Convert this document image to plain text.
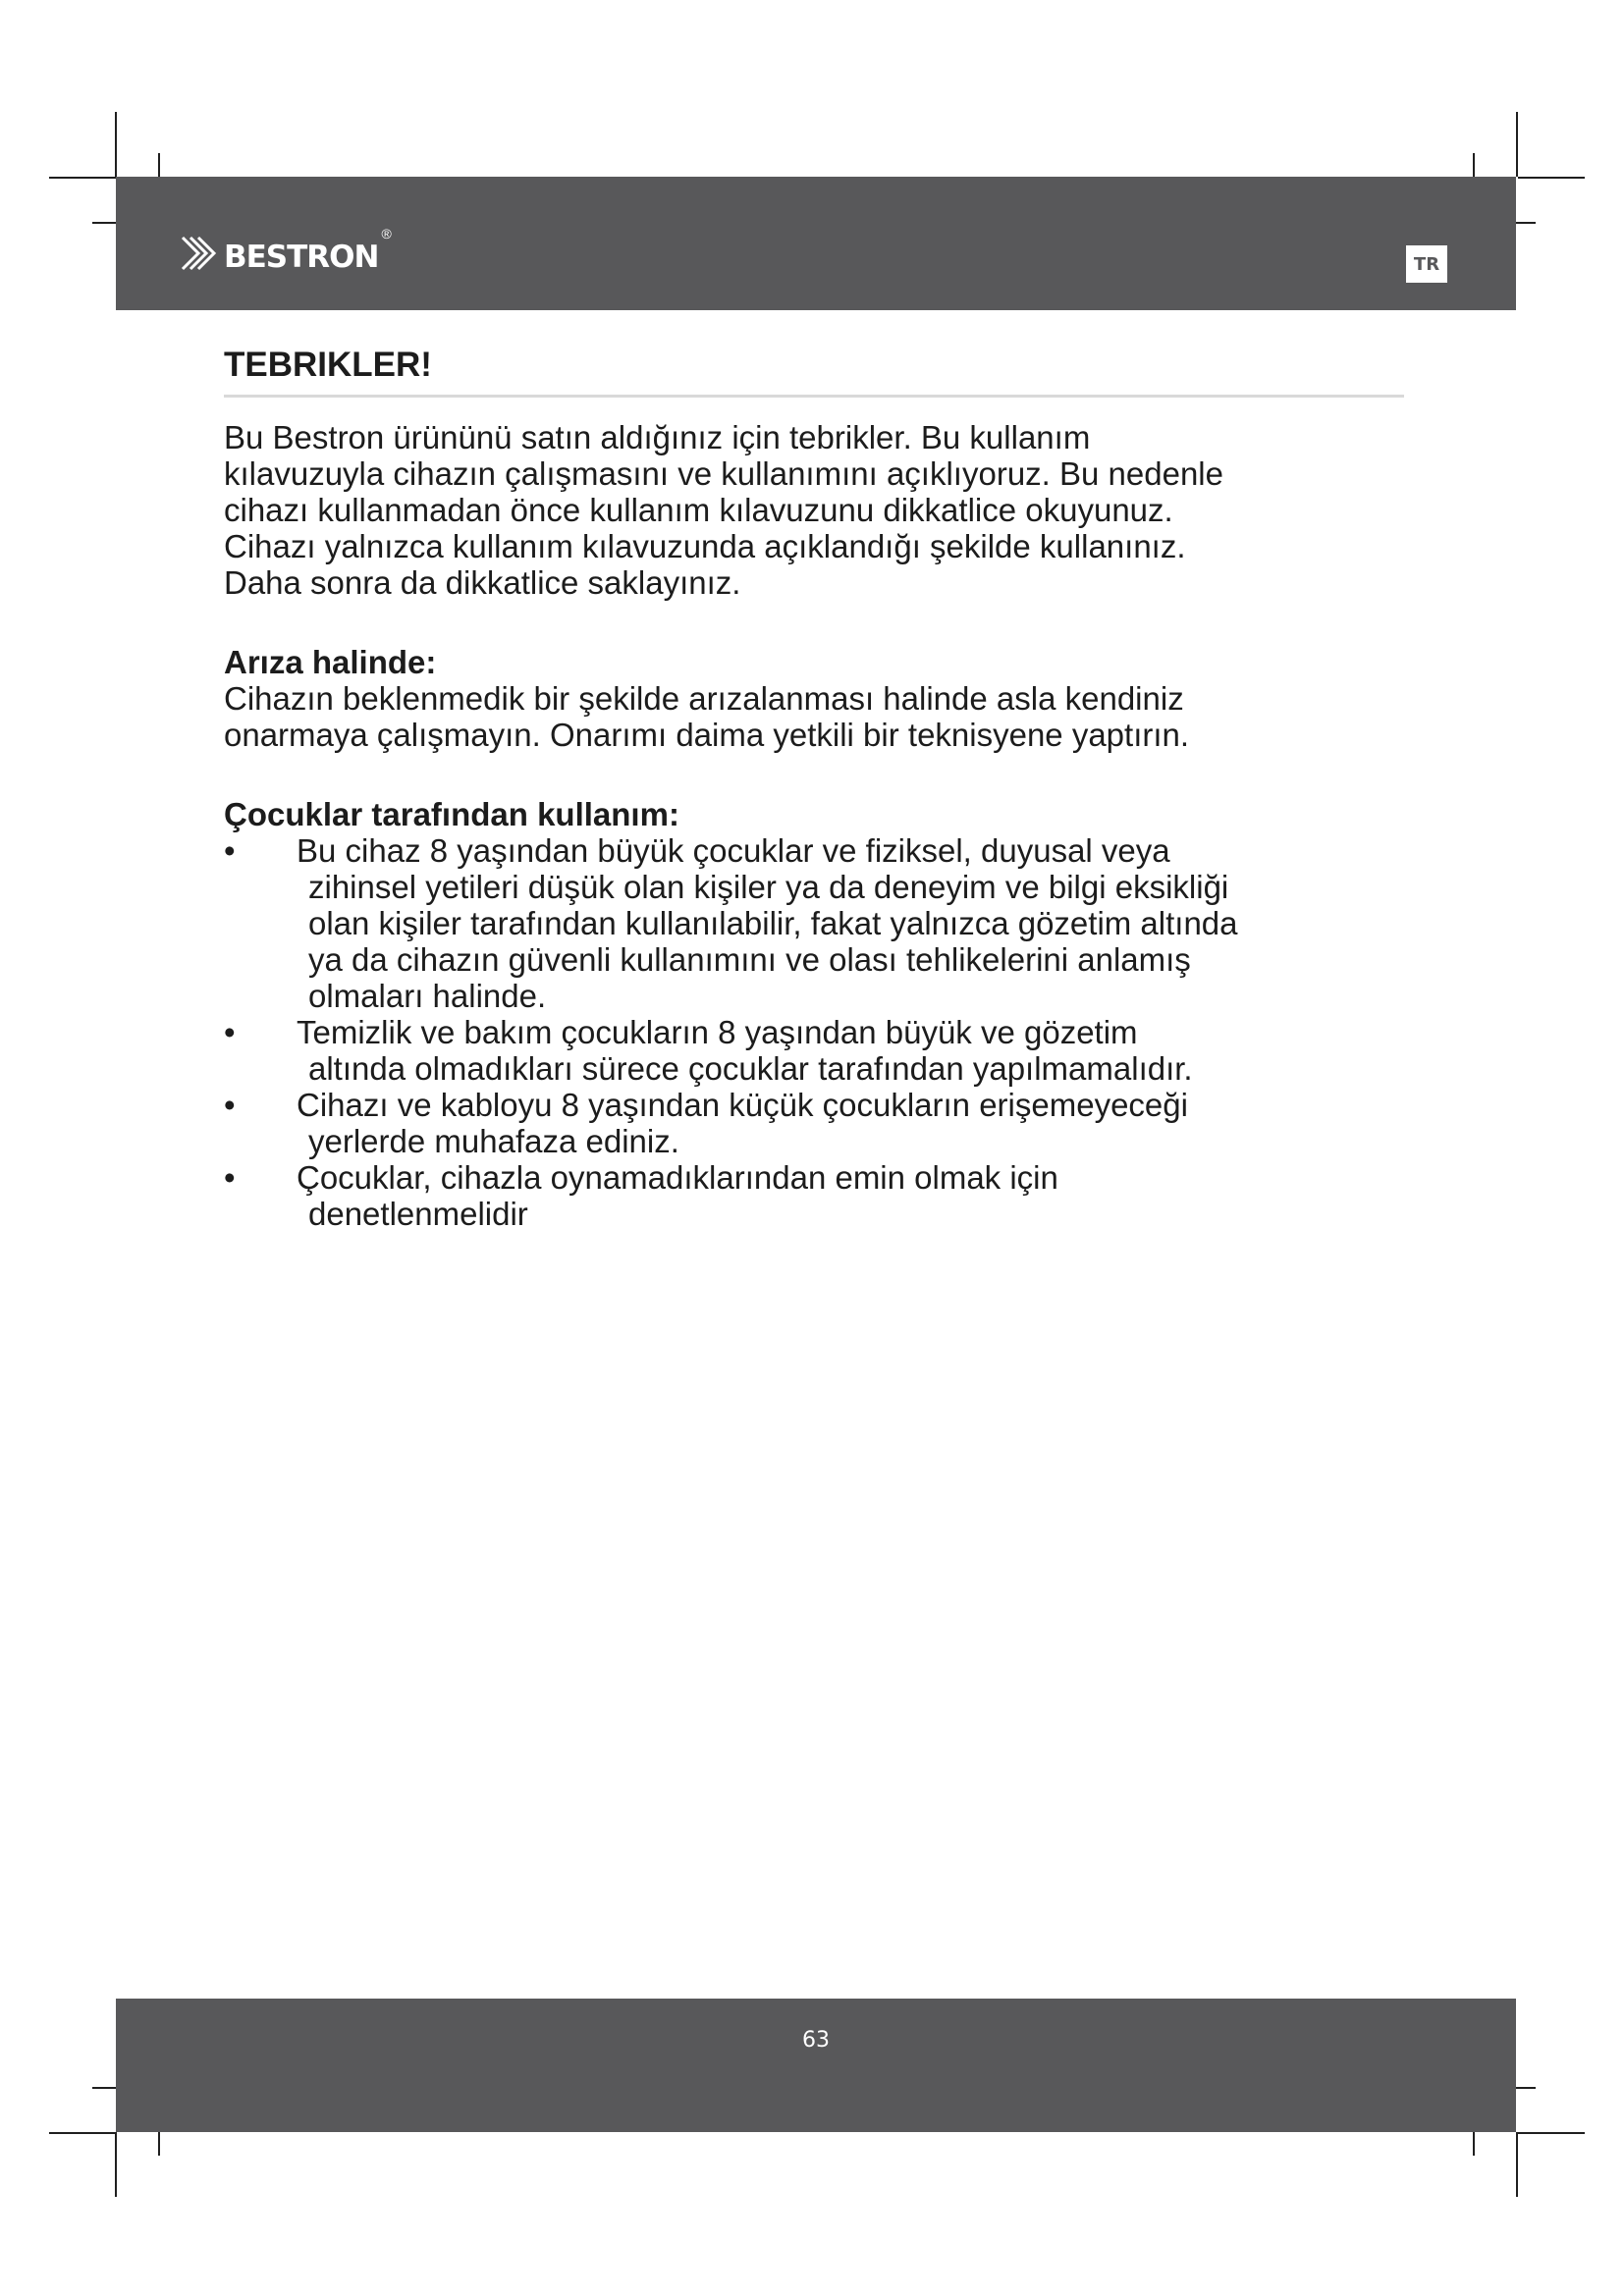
bestron ®
TR
TEBRIKLER!

Bu Bestron ürününü satın aldığınız için tebrikler. Bu kullanım
kılavuzuyla cihazın çalışmasını ve kullanımını açıklıyoruz. Bu nedenle
cihazı kullanmadan önce kullanım kılavuzunu dikkatlice okuyunuz.
Cihazı yalnızca kullanım kılavuzunda açıklandığı şekilde kullanınız.
Daha sonra da dikkatlice saklayınız.

Arıza halinde:

Cihazın beklenmedik bir şekilde arızalanması halinde asla kendiniz
onarmaya çalışmayın. Onarımı daima yetkili bir teknisyene yaptırın.

Çocuklar tarafından kullanım:
• Bu cihaz 8 yaşından büyük çocuklar ve fiziksel, duyusal veya
zihinsel yetileri düşük olan kişiler ya da deneyim ve bilgi eksikliği
olan kişiler tarafından kullanılabilir, fakat yalnızca gözetim altında
ya da cihazın güvenli kullanımını ve olası tehlikelerini anlamış
olmaları halinde.
• Temizlik ve bakım çocukların 8 yaşından büyük ve gözetim
altında olmadıkları sürece çocuklar tarafından yapılmamalıdır.
• Cihazı ve kabloyu 8 yaşından küçük çocukların erişemeyeceği
yerlerde muhafaza ediniz.
• Çocuklar, cihazla oynamadıklarından emin olmak için
denetlenmelidir
63
